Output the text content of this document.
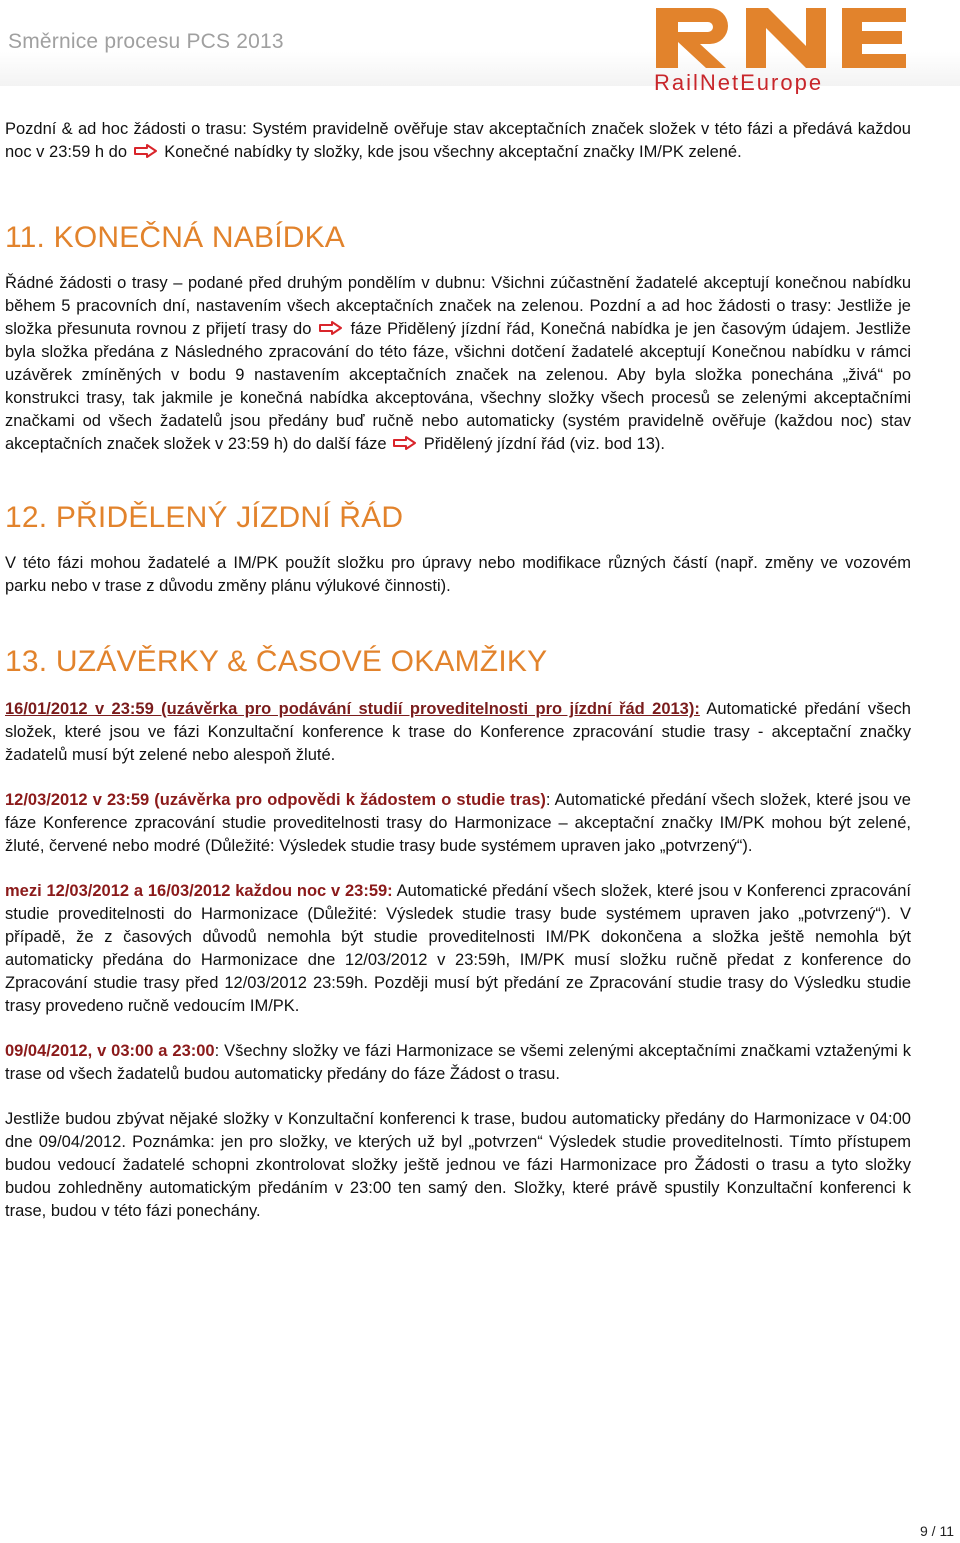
Směrnice procesu PCS 2013
RailNetEurope

Pozdní & ad hoc žádosti o trasu: Systém pravidelně ověřuje stav akceptačních značek složek v této fázi a předává každou noc v 23:59 h do Konečné nabídky ty složky, kde jsou všechny akceptační značky IM/PK zelené.

11. KONEČNÁ NABÍDKA

Řádné žádosti o trasy – podané před druhým pondělím v dubnu: Všichni zúčastnění žadatelé akceptují konečnou nabídku během 5 pracovních dní, nastavením všech akceptačních značek na zelenou. Pozdní a ad hoc žádosti o trasy: Jestliže je složka přesunuta rovnou z přijetí trasy do fáze Přidělený jízdní řád, Konečná nabídka je jen časovým údajem. Jestliže byla složka předána z Následného zpracování do této fáze, všichni dotčení žadatelé akceptují Konečnou nabídku v rámci uzávěrek zmíněných v bodu 9 nastavením akceptačních značek na zelenou. Aby byla složka ponechána „živá“ po konstrukci trasy, tak jakmile je konečná nabídka akceptována, všechny složky všech procesů se zelenými akceptačními značkami od všech žadatelů jsou předány buď ručně nebo automaticky (systém pravidelně ověřuje (každou noc) stav akceptačních značek složek v 23:59 h) do další fáze Přidělený jízdní řád (viz. bod 13).

12. PŘIDĚLENÝ JÍZDNÍ ŘÁD

V této fázi mohou žadatelé a IM/PK použít složku pro úpravy nebo modifikace různých částí (např. změny ve vozovém parku nebo v trase z důvodu změny plánu výlukové činnosti).

13. UZÁVĚRKY & ČASOVÉ OKAMŽIKY

16/01/2012 v 23:59 (uzávěrka pro podávání studií proveditelnosti pro jízdní řád 2013): Automatické předání všech složek, které jsou ve fázi Konzultační konference k trase do Konference zpracování studie trasy - akceptační značky žadatelů musí být zelené nebo alespoň žluté.

12/03/2012 v 23:59 (uzávěrka pro odpovědi k žádostem o studie tras): Automatické předání všech složek, které jsou ve fáze Konference zpracování studie proveditelnosti trasy do Harmonizace – akceptační značky IM/PK mohou být zelené, žluté, červené nebo modré (Důležité: Výsledek studie trasy bude systémem upraven jako „potvrzený“).

mezi 12/03/2012 a 16/03/2012 každou noc v 23:59: Automatické předání všech složek, které jsou v Konferenci zpracování studie proveditelnosti do Harmonizace (Důležité: Výsledek studie trasy bude systémem upraven jako „potvrzený“). V případě, že z časových důvodů nemohla být studie proveditelnosti IM/PK dokončena a složka ještě nemohla být automaticky předána do Harmonizace dne 12/03/2012 v 23:59h, IM/PK musí složku ručně předat z konference do Zpracování studie trasy před 12/03/2012 23:59h. Později musí být předání ze Zpracování studie trasy do Výsledku studie trasy provedeno ručně vedoucím IM/PK.

09/04/2012, v 03:00 a 23:00: Všechny složky ve fázi Harmonizace se všemi zelenými akceptačními značkami vztaženými k trase od všech žadatelů budou automaticky předány do fáze Žádost o trasu.

Jestliže budou zbývat nějaké složky v Konzultační konferenci k trase, budou automaticky předány do Harmonizace v 04:00 dne 09/04/2012. Poznámka: jen pro složky, ve kterých už byl „potvrzen“ Výsledek studie proveditelnosti. Tímto přístupem budou vedoucí žadatelé schopni zkontrolovat složky ještě jednou ve fázi Harmonizace pro Žádosti o trasu a tyto složky budou zohledněny automatickým předáním v 23:00 ten samý den. Složky, které právě spustily Konzultační konferenci k trase, budou v této fázi ponechány.

9 / 11
